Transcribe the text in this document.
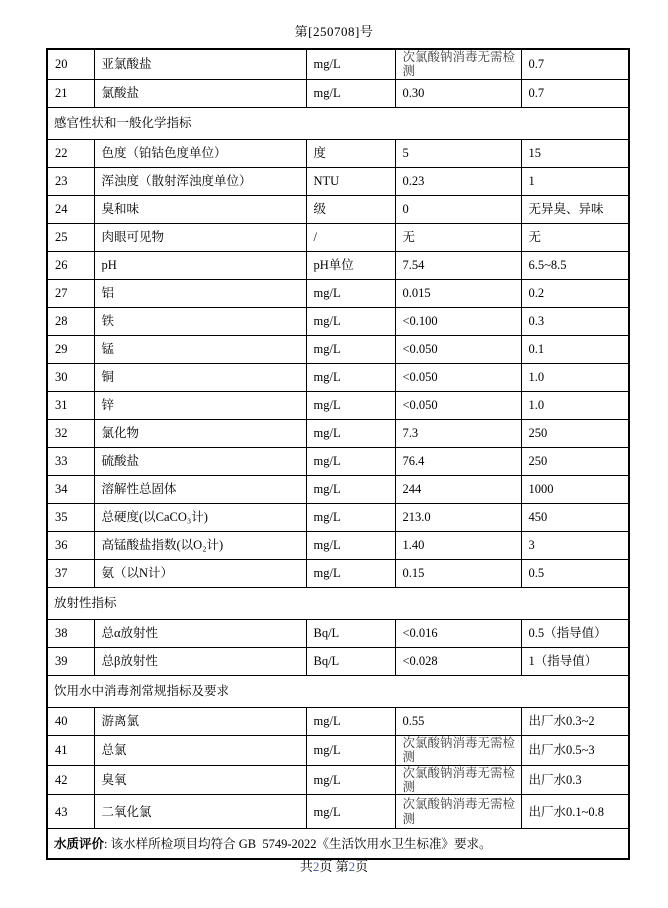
第[250708]号
20	亚氯酸盐	mg/L	次氯酸钠消毒无需检测	0.7
21	氯酸盐	mg/L	0.30	0.7
感官性状和一般化学指标				
22	色度（铂钴色度单位）	度	5	15
23	浑浊度（散射浑浊度单位）	NTU	0.23	1
24	臭和味	级	0	无异臭、异味
25	肉眼可见物	/	无	无
26	pH	pH单位	7.54	6.5~8.5
27	铝	mg/L	0.015	0.2
28	铁	mg/L	<0.100	0.3
29	锰	mg/L	<0.050	0.1
30	铜	mg/L	<0.050	1.0
31	锌	mg/L	<0.050	1.0
32	氯化物	mg/L	7.3	250
33	硫酸盐	mg/L	76.4	250
34	溶解性总固体	mg/L	244	1000
35	总硬度(以CaCO₃计)	mg/L	213.0	450
36	高锰酸盐指数(以O₂计)	mg/L	1.40	3
37	氨（以N计）	mg/L	0.15	0.5
放射性指标				
38	总α放射性	Bq/L	<0.016	0.5（指导值）
39	总β放射性	Bq/L	<0.028	1（指导值）
饮用水中消毒剂常规指标及要求				
40	游离氯	mg/L	0.55	出厂水0.3~2
41	总氯	mg/L	次氯酸钠消毒无需检测	出厂水0.5~3
42	臭氧	mg/L	次氯酸钠消毒无需检测	出厂水0.3
43	二氧化氯	mg/L	次氯酸钠消毒无需检测	出厂水0.1~0.8
水质评价: 该水样所检项目均符合 GB  5749-2022《生活饮用水卫生标准》要求。				
共2页 第2页
